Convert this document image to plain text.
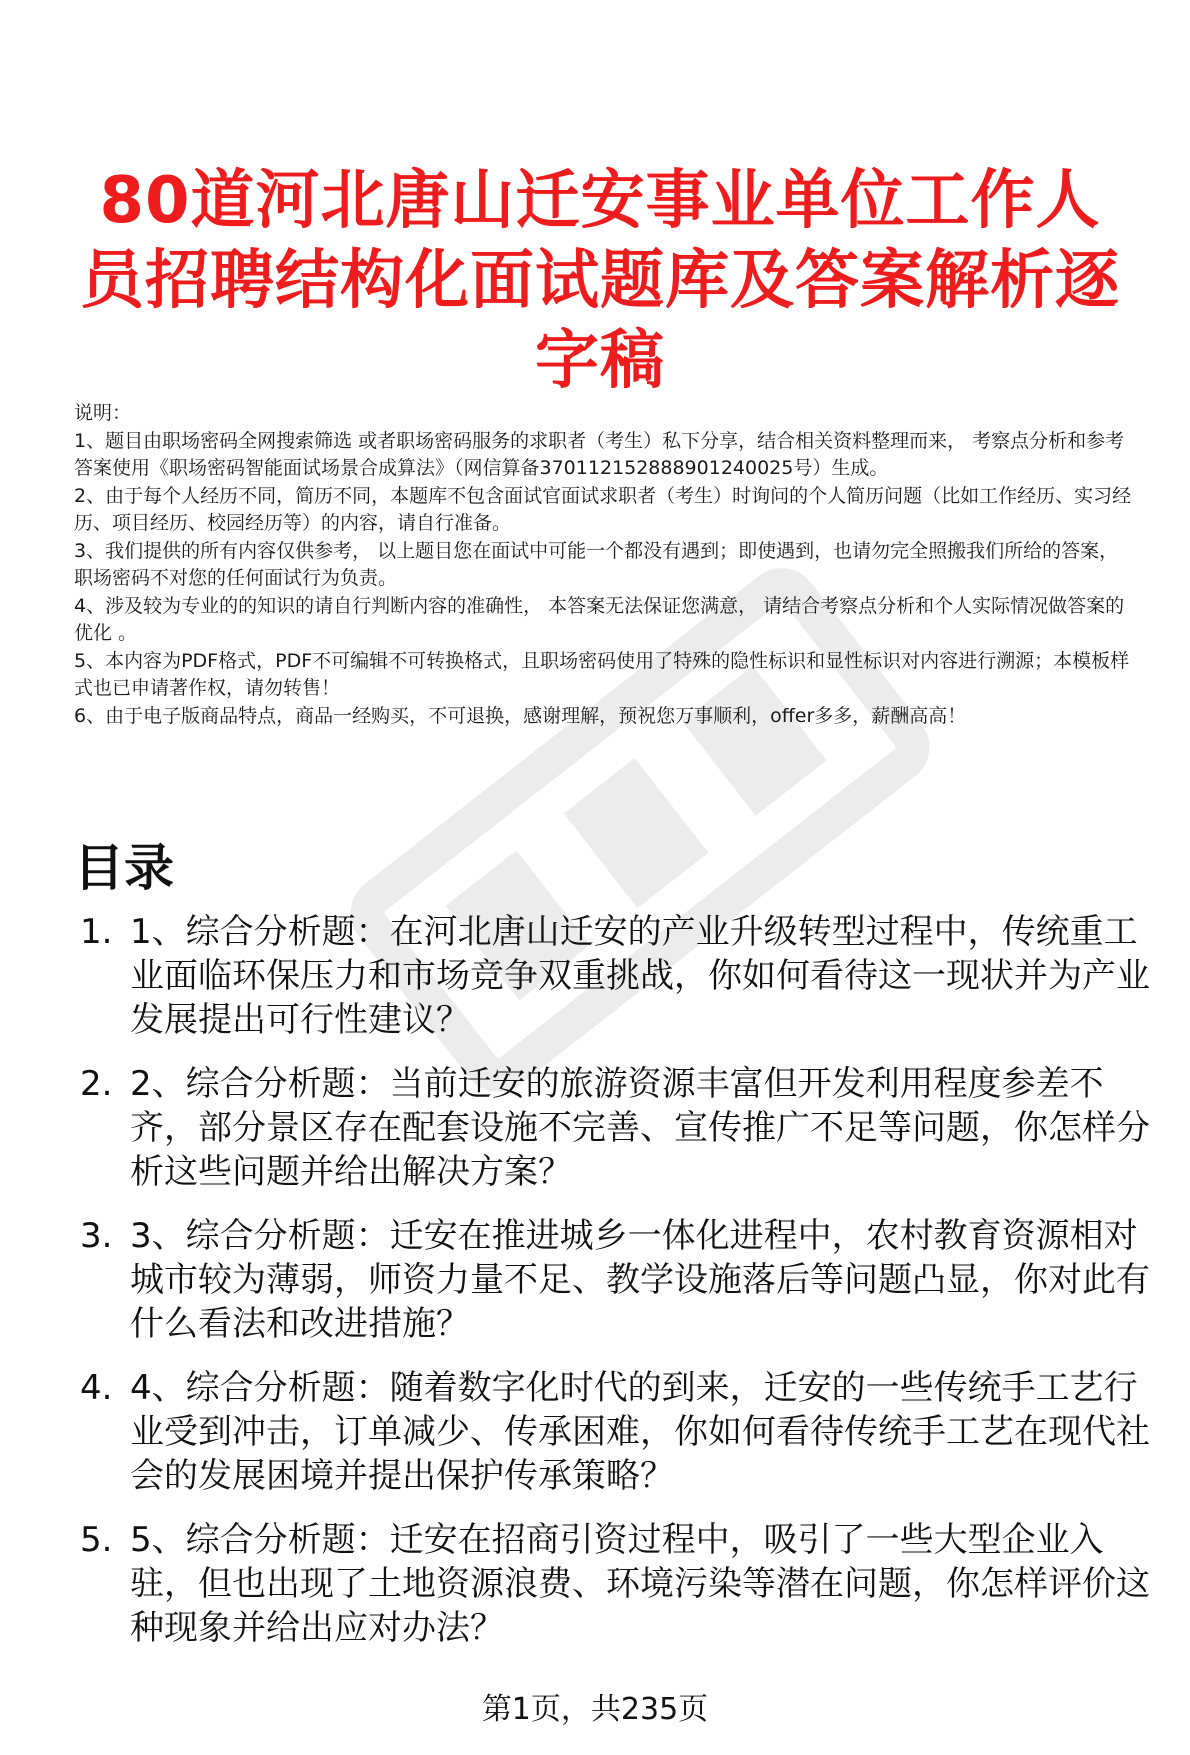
80道河北唐山迁安事业单位工作人员招聘结构化面试题库及答案解析逐字稿

说明：

1、题目由职场密码全网搜索筛选 或者职场密码服务的求职者（考生）私下分享，结合相关资料整理而来， 考察点分析和参考答案使用《职场密码智能面试场景合成算法》（网信算备370112152888901240025号）生成。

2、由于每个人经历不同，简历不同，本题库不包含面试官面试求职者（考生）时询问的个人简历问题（比如工作经历、实习经历、项目经历、校园经历等）的内容，请自行准备。

3、我们提供的所有内容仅供参考， 以上题目您在面试中可能一个都没有遇到；即使遇到，也请勿完全照搬我们所给的答案，职场密码不对您的任何面试行为负责。

4、涉及较为专业的的知识的请自行判断内容的准确性， 本答案无法保证您满意， 请结合考察点分析和个人实际情况做答案的优化 。

5、本内容为PDF格式，PDF不可编辑不可转换格式，且职场密码使用了特殊的隐性标识和显性标识对内容进行溯源；本模板样式也已申请著作权，请勿转售！

6、由于电子版商品特点，商品一经购买，不可退换，感谢理解，预祝您万事顺利，offer多多，薪酬高高！

目录
1. 1、综合分析题：在河北唐山迁安的产业升级转型过程中，传统重工业面临环保压力和市场竞争双重挑战，你如何看待这一现状并为产业发展提出可行性建议？
2. 2、综合分析题：当前迁安的旅游资源丰富但开发利用程度参差不齐，部分景区存在配套设施不完善、宣传推广不足等问题，你怎样分析这些问题并给出解决方案？
3. 3、综合分析题：迁安在推进城乡一体化进程中，农村教育资源相对城市较为薄弱，师资力量不足、教学设施落后等问题凸显，你对此有什么看法和改进措施？
4. 4、综合分析题：随着数字化时代的到来，迁安的一些传统手工艺行业受到冲击，订单减少、传承困难，你如何看待传统手工艺在现代社会的发展困境并提出保护传承策略？
5. 5、综合分析题：迁安在招商引资过程中，吸引了一些大型企业入驻，但也出现了土地资源浪费、环境污染等潜在问题，你怎样评价这种现象并给出应对办法？
第1页，共235页
